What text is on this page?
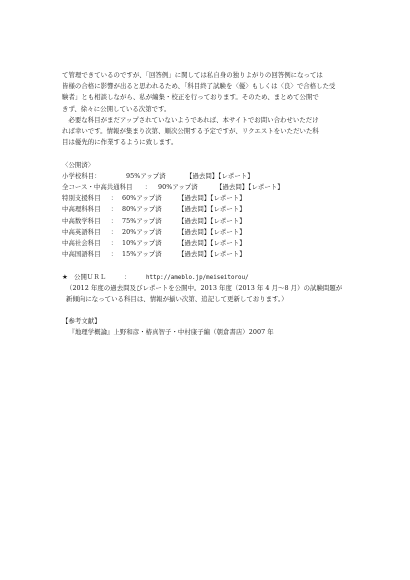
て管理できているのですが、「回答例」に関しては私自身の独りよがりの回答例になっては

皆様の合格に影響が出ると思われるため、「科目終了試験を〈優〉もしくは〈良〉で合格した受

験者」とも相談しながら、私が編集・校正を行っております。そのため、まとめて公開で

きず、徐々に公開している次第です。

必要な科目がまだアップされていないようであれば、本サイトでお問い合わせいただけ

れば幸いです。情報が集まり次第、順次公開する予定ですが、リクエストをいただいた科

目は優先的に作業するように致します。

〈公開済〉

小学校科目：	95%アップ済	【過去問】【レポート】
全コース・中高共通科目	：	90%アップ済	【過去問】【レポート】
特別支援科目	： 60%アップ済	【過去問】【レポート】
中高理科科目	： 80%アップ済	【過去問】【レポート】
中高数学科目	： 75%アップ済	【過去問】【レポート】
中高英語科目	： 20%アップ済	【過去問】【レポート】
中高社会科目	： 10%アップ済	【過去問】【レポート】
中高国語科目	： 15%アップ済	【過去問】【レポート】
★ 公開ＵＲＬ	：	http://ameblo.jp/meiseitorou/

（2012 年度の過去問及びレポートを公開中。2013 年度（2013 年 4 月～8 月）の試験問題が

新傾向になっている科目は、情報が揃い次第、追記して更新しております。）

【参考文献】

『地理学概論』上野和彦・椿真智子・中村康子編（朝倉書店）2007 年
